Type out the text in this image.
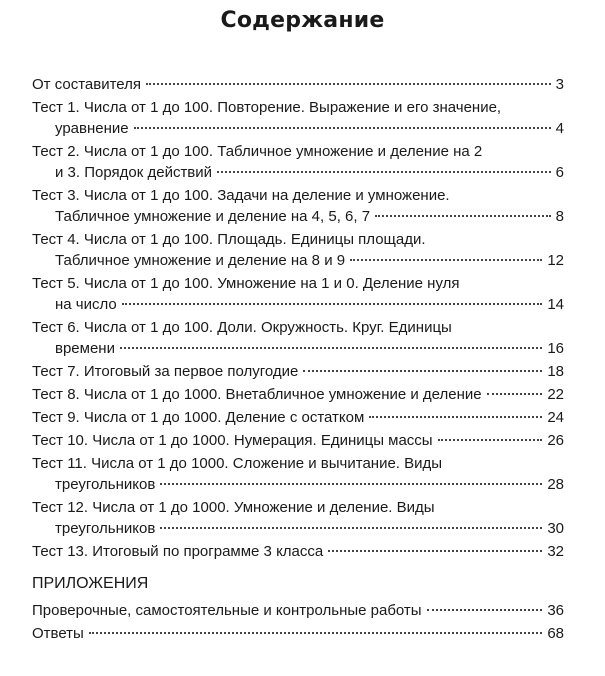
Содержание
От составителя	3
Тест 1. Числа от 1 до 100. Повторение. Выражение и его значение,
уравнение	4
Тест 2. Числа от 1 до 100. Табличное умножение и деление на 2
и 3. Порядок действий	6
Тест 3. Числа от 1 до 100. Задачи на деление и умножение.
Табличное умножение и деление на 4, 5, 6, 7	8
Тест 4. Числа от 1 до 100. Площадь. Единицы площади.
Табличное умножение и деление на 8 и 9	12
Тест 5. Числа от 1 до 100. Умножение на 1 и 0. Деление нуля
на число	14
Тест 6. Числа от 1 до 100. Доли. Окружность. Круг. Единицы
времени	16
Тест 7. Итоговый за первое полугодие	18
Тест 8. Числа от 1 до 1000. Внетабличное умножение и деление	22
Тест 9. Числа от 1 до 1000. Деление с остатком	24
Тест 10. Числа от 1 до 1000. Нумерация. Единицы массы	26
Тест 11. Числа от 1 до 1000. Сложение и вычитание. Виды
треугольников	28
Тест 12. Числа от 1 до 1000. Умножение и деление. Виды
треугольников	30
Тест 13. Итоговый по программе 3 класса	32
ПРИЛОЖЕНИЯ
Проверочные, самостоятельные и контрольные работы	36
Ответы	68
